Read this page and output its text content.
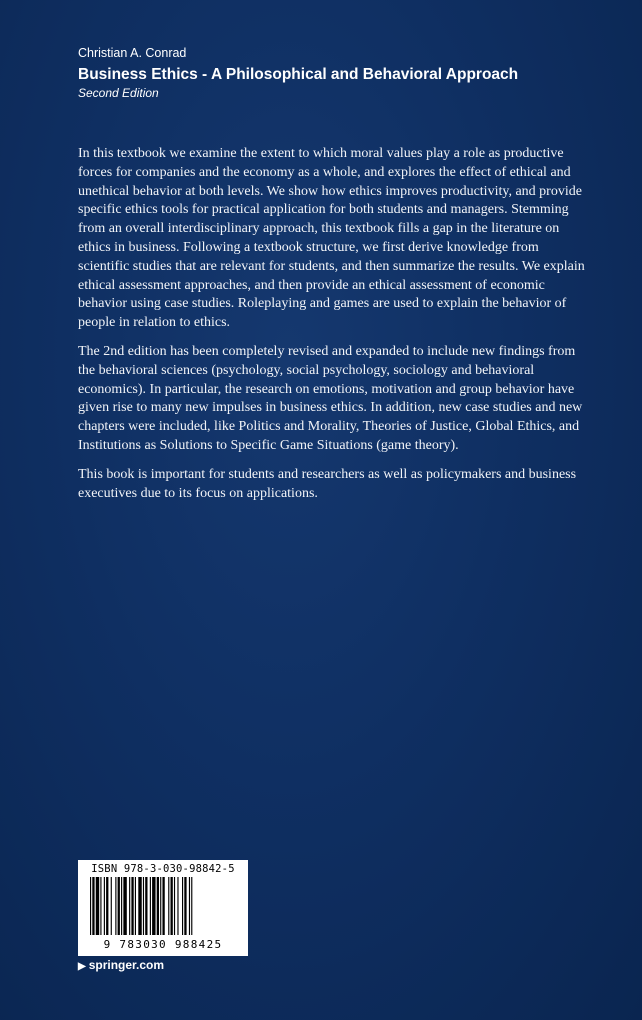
Christian A. Conrad
Business Ethics - A Philosophical and Behavioral Approach
Second Edition

In this textbook we examine the extent to which moral values play a role as productive forces for companies and the economy as a whole, and explores the effect of ethical and unethical behavior at both levels. We show how ethics improves productivity, and provide specific ethics tools for practical application for both students and managers. Stemming from an overall interdisciplinary approach, this textbook fills a gap in the literature on ethics in business. Following a textbook structure, we first derive knowledge from scientific studies that are relevant for students, and then summarize the results. We explain ethical assessment approaches, and then provide an ethical assessment of economic behavior using case studies. Roleplaying and games are used to explain the behavior of people in relation to ethics.

The 2nd edition has been completely revised and expanded to include new findings from the behavioral sciences (psychology, social psychology, sociology and behavioral economics). In particular, the research on emotions, motivation and group behavior have given rise to many new impulses in business ethics. In addition, new case studies and new chapters were included, like Politics and Morality, Theories of Justice, Global Ethics, and Institutions as Solutions to Specific Game Situations (game theory).

This book is important for students and researchers as well as policymakers and business executives due to its focus on applications.

ISBN 978-3-030-98842-5
9 783030 988425
▶ springer.com
